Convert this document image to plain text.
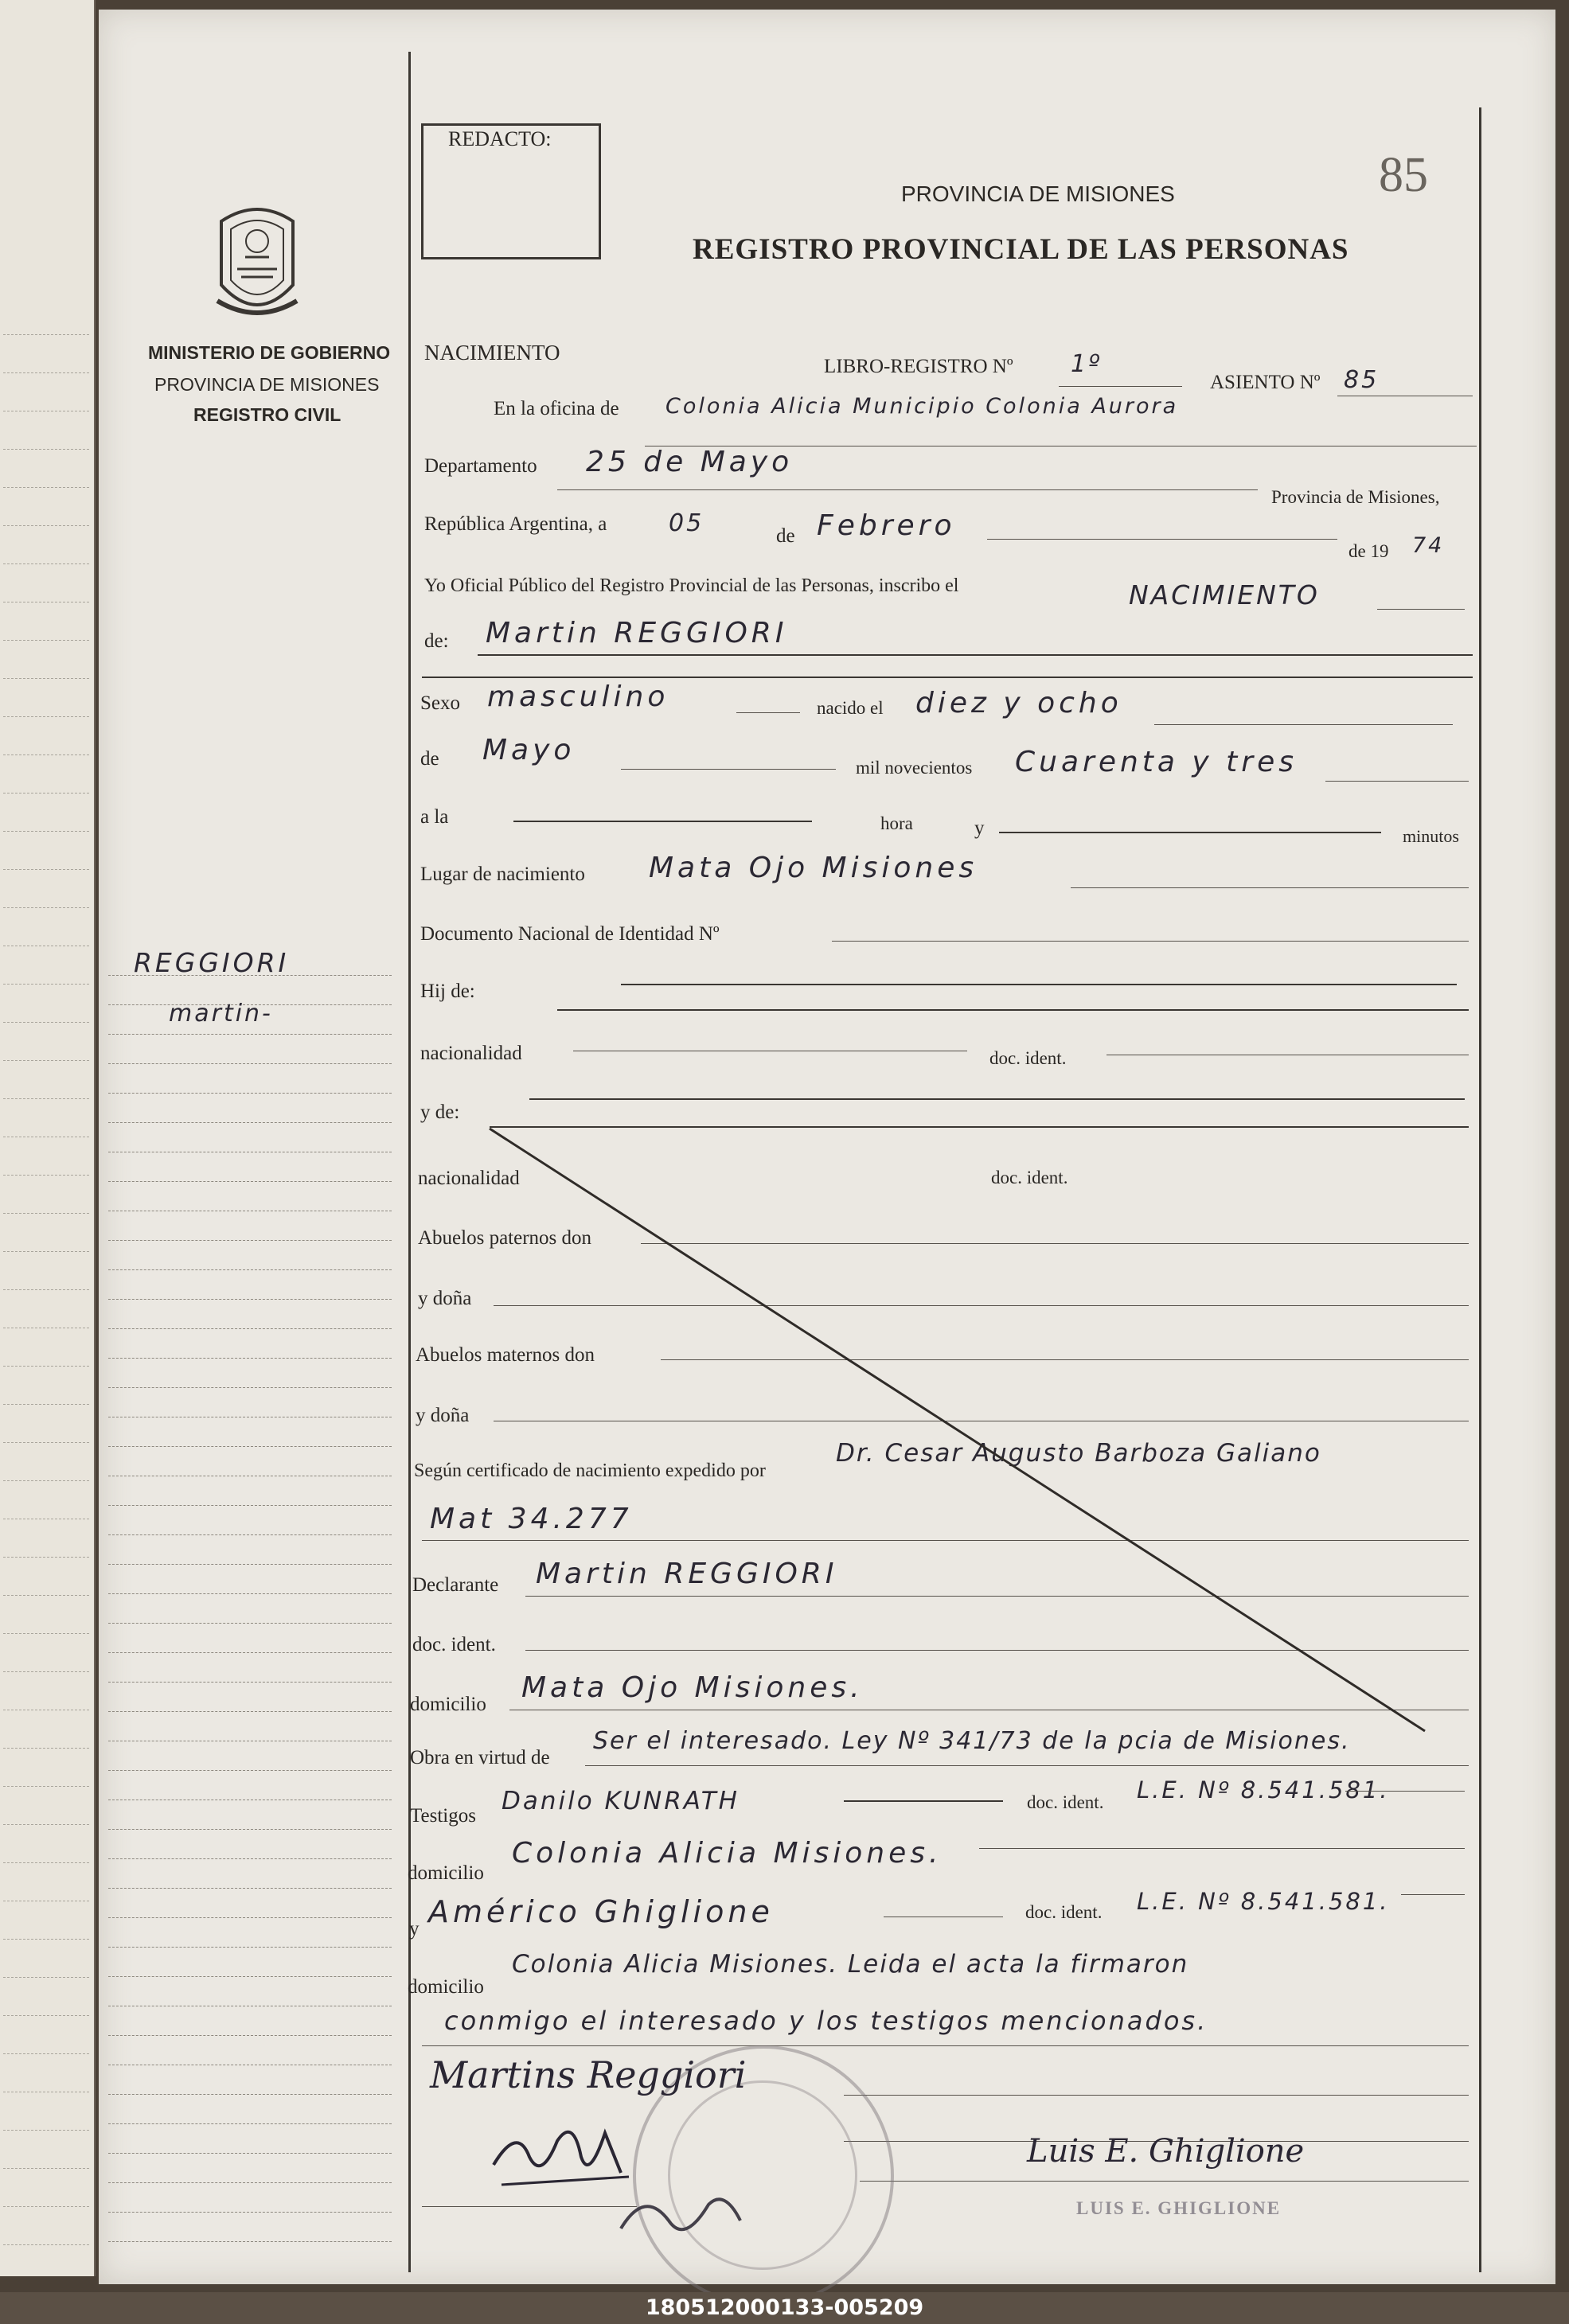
REDACTO:
85
PROVINCIA DE MISIONES
REGISTRO PROVINCIAL DE LAS PERSONAS
MINISTERIO DE GOBIERNO
PROVINCIA DE MISIONES
REGISTRO CIVIL
REGGIORI
martin-
NACIMIENTO
LIBRO-REGISTRO Nº 1º
ASIENTO Nº 85
En la oficina de Colonia Alicia Municipio Colonia Aurora
Departamento 25 de Mayo
Provincia de Misiones,
República Argentina, a	05	de Febrero
de 19 74
Yo Oficial Público del Registro Provincial de las Personas, inscribo el	NACIMIENTO
de: Martin REGGIORI
Sexo masculino	nacido el diez y ocho
de Mayo
mil novecientos Cuarenta y tres
a la	hora	y	minutos
Lugar de nacimiento Mata Ojo Misiones
Documento Nacional de Identidad Nº
Hij de:
nacionalidad	doc. ident.
y de:
nacionalidad	doc. ident.
Abuelos paternos don
y doña
Abuelos maternos don
y doña
Según certificado de nacimiento expedido por
Dr. Cesar Augusto Barboza Galiano
Mat 34.277
Declarante Martin REGGIORI
doc. ident.
domicilio
Mata Ojo Misiones.
Obra en virtud de
Ser el interesado. Ley Nº 341/73 de la pcia de Misiones.
Testigos
Danilo KUNRATH	doc. ident. L.E. Nº 8.541.581.
domicilio
Colonia Alicia Misiones.
y Américo Ghiglione	doc. ident. L.E. Nº 8.541.581.
domicilio
Colonia Alicia Misiones. Leida el acta la firmaron
conmigo el interesado y los testigos mencionados.
Martins Reggiori
Luis E. Ghiglione
LUIS E. GHIGLIONE
180512000133-005209
